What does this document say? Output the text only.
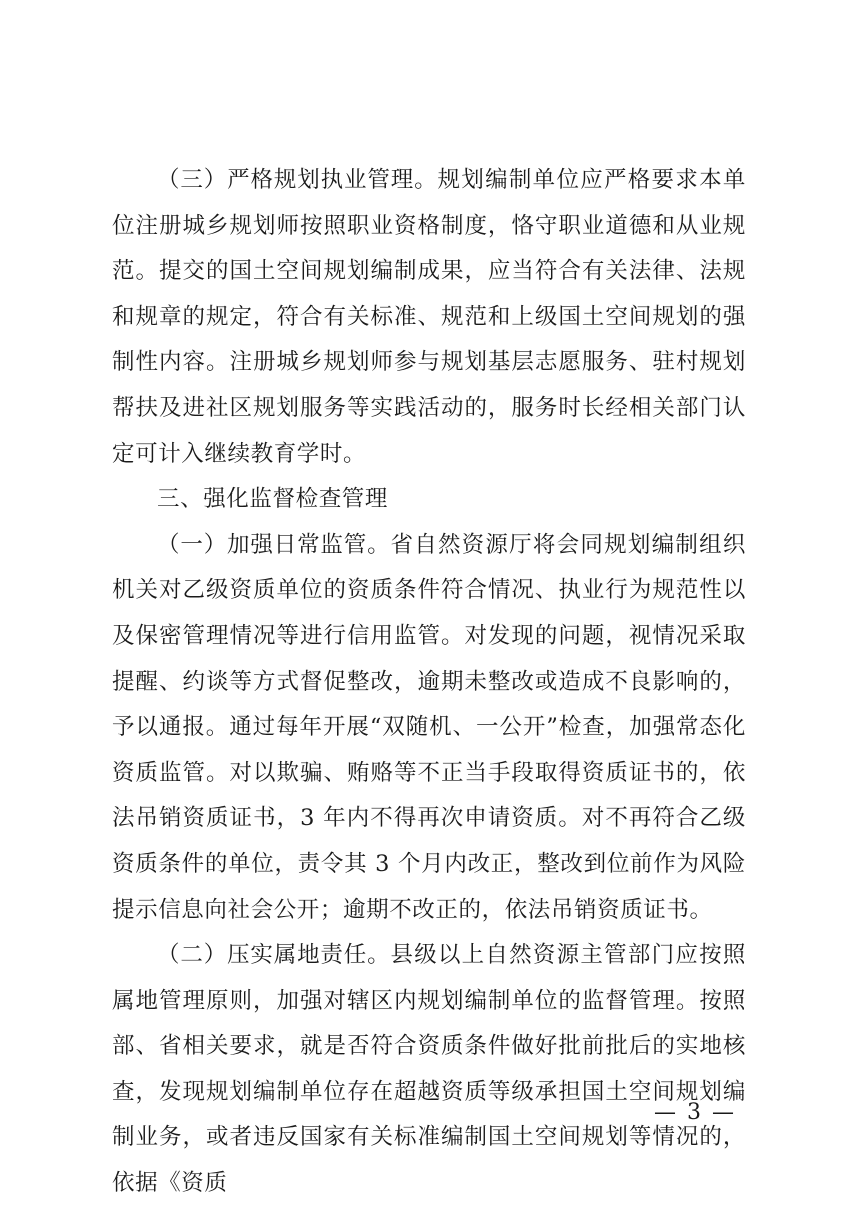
（三）严格规划执业管理。规划编制单位应严格要求本单位注册城乡规划师按照职业资格制度，恪守职业道德和从业规范。提交的国土空间规划编制成果，应当符合有关法律、法规和规章的规定，符合有关标准、规范和上级国土空间规划的强制性内容。注册城乡规划师参与规划基层志愿服务、驻村规划帮扶及进社区规划服务等实践活动的，服务时长经相关部门认定可计入继续教育学时。

三、强化监督检查管理

（一）加强日常监管。省自然资源厅将会同规划编制组织机关对乙级资质单位的资质条件符合情况、执业行为规范性以及保密管理情况等进行信用监管。对发现的问题，视情况采取提醒、约谈等方式督促整改，逾期未整改或造成不良影响的，予以通报。通过每年开展“双随机、一公开”检查，加强常态化资质监管。对以欺骗、贿赂等不正当手段取得资质证书的，依法吊销资质证书，3 年内不得再次申请资质。对不再符合乙级资质条件的单位，责令其 3 个月内改正，整改到位前作为风险提示信息向社会公开；逾期不改正的，依法吊销资质证书。

（二）压实属地责任。县级以上自然资源主管部门应按照属地管理原则，加强对辖区内规划编制单位的监督管理。按照部、省相关要求，就是否符合资质条件做好批前批后的实地核查，发现规划编制单位存在超越资质等级承担国土空间规划编制业务，或者违反国家有关标准编制国土空间规划等情况的，依据《资质

— 3 —
